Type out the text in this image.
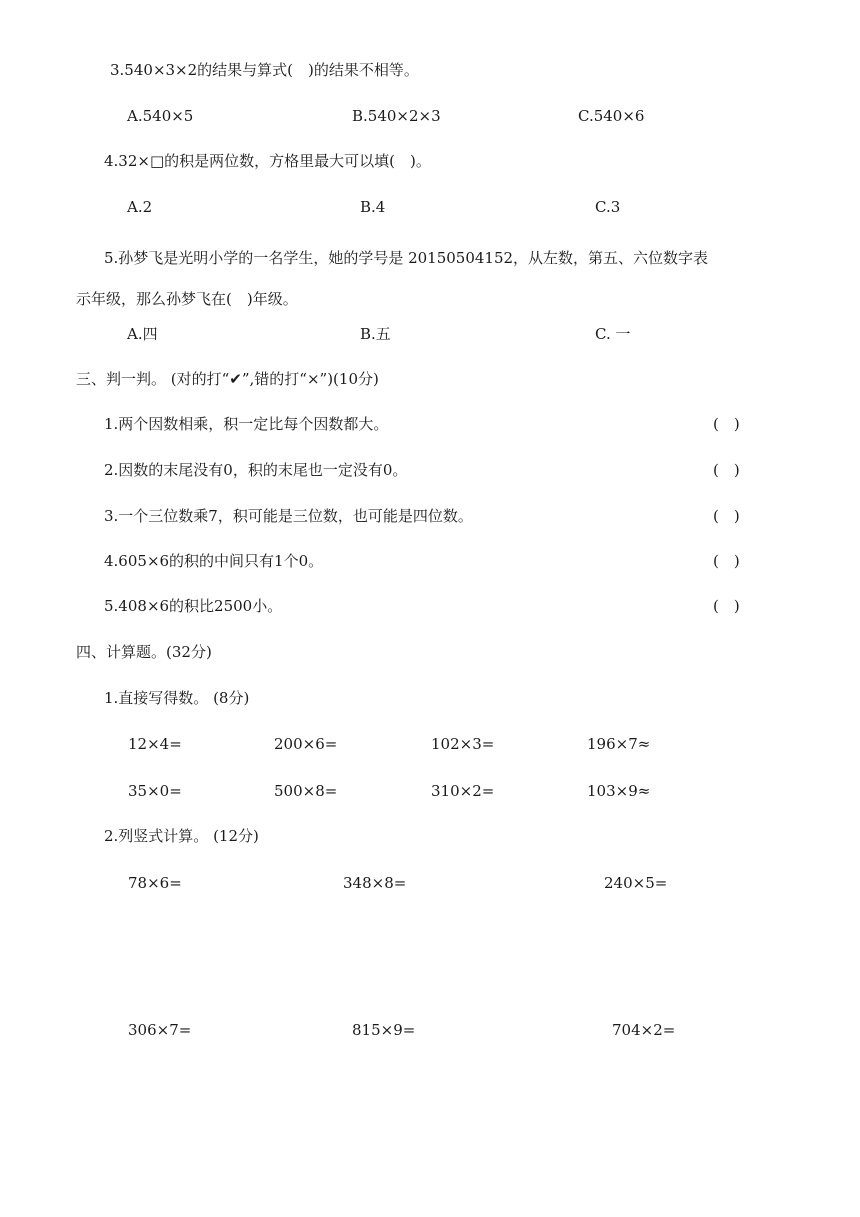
3.540×3×2的结果与算式(　)的结果不相等。
A.540×5	B.540×2×3	C.540×6
4.32×□的积是两位数，方格里最大可以填(　)。
A.2	B.4	C.3
5.孙梦飞是光明小学的一名学生，她的学号是 20150504152，从左数，第五、六位数字表
示年级，那么孙梦飞在(　)年级。
A.四	B.五	C. 一
三、判一判。 (对的打“✔”,错的打“×”)(10分)
1.两个因数相乘，积一定比每个因数都大。	(　)
2.因数的末尾没有0，积的末尾也一定没有0。	(　)
3.一个三位数乘7，积可能是三位数，也可能是四位数。	(　)
4.605×6的积的中间只有1个0。	(　)
5.408×6的积比2500小。	(　)
四、计算题。(32分)
1.直接写得数。 (8分)
12×4=	200×6=	102×3=	196×7≈
35×0=	500×8=	310×2=	103×9≈
2.列竖式计算。 (12分)
78×6=	348×8=	240×5=
306×7=	815×9=	704×2=
